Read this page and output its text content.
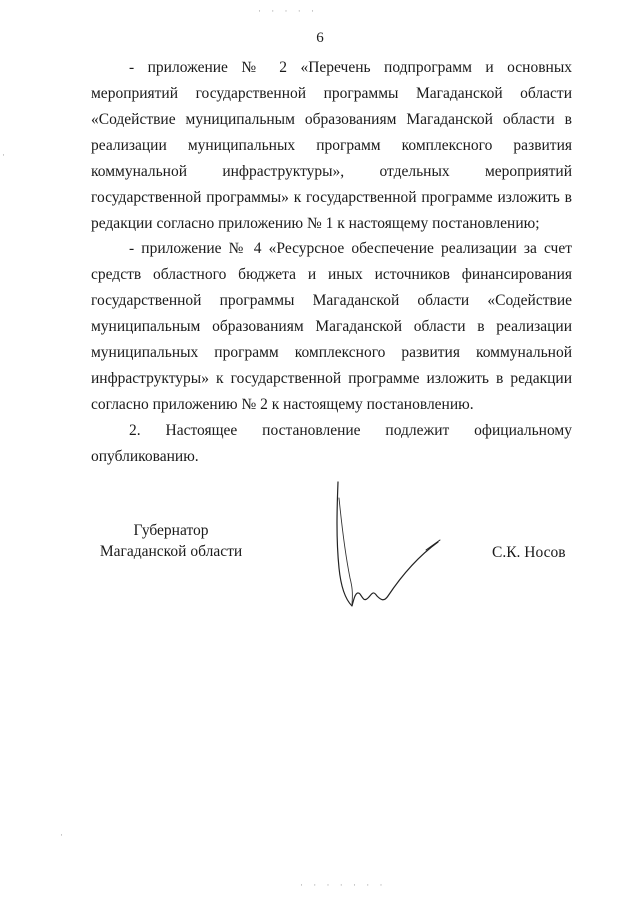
6

- приложение № 2 «Перечень подпрограмм и основных мероприятий государственной программы Магаданской области «Содействие муниципальным образованиям Магаданской области в реализации муниципальных программ комплексного развития коммунальной инфраструктуры», отдельных мероприятий государственной программы» к государственной программе изложить в редакции согласно приложению № 1 к настоящему постановлению;

- приложение № 4 «Ресурсное обеспечение реализации за счет средств областного бюджета и иных источников финансирования государственной программы Магаданской области «Содействие муниципальным образованиям Магаданской области в реализации муниципальных программ комплексного развития коммунальной инфраструктуры» к государственной программе изложить в редакции согласно приложению № 2 к настоящему постановлению.

2. Настоящее постановление подлежит официальному опубликованию.

Губернатор
Магаданской области	С.К. Носов
· · · · ·
·
·
· · · · · · ·
